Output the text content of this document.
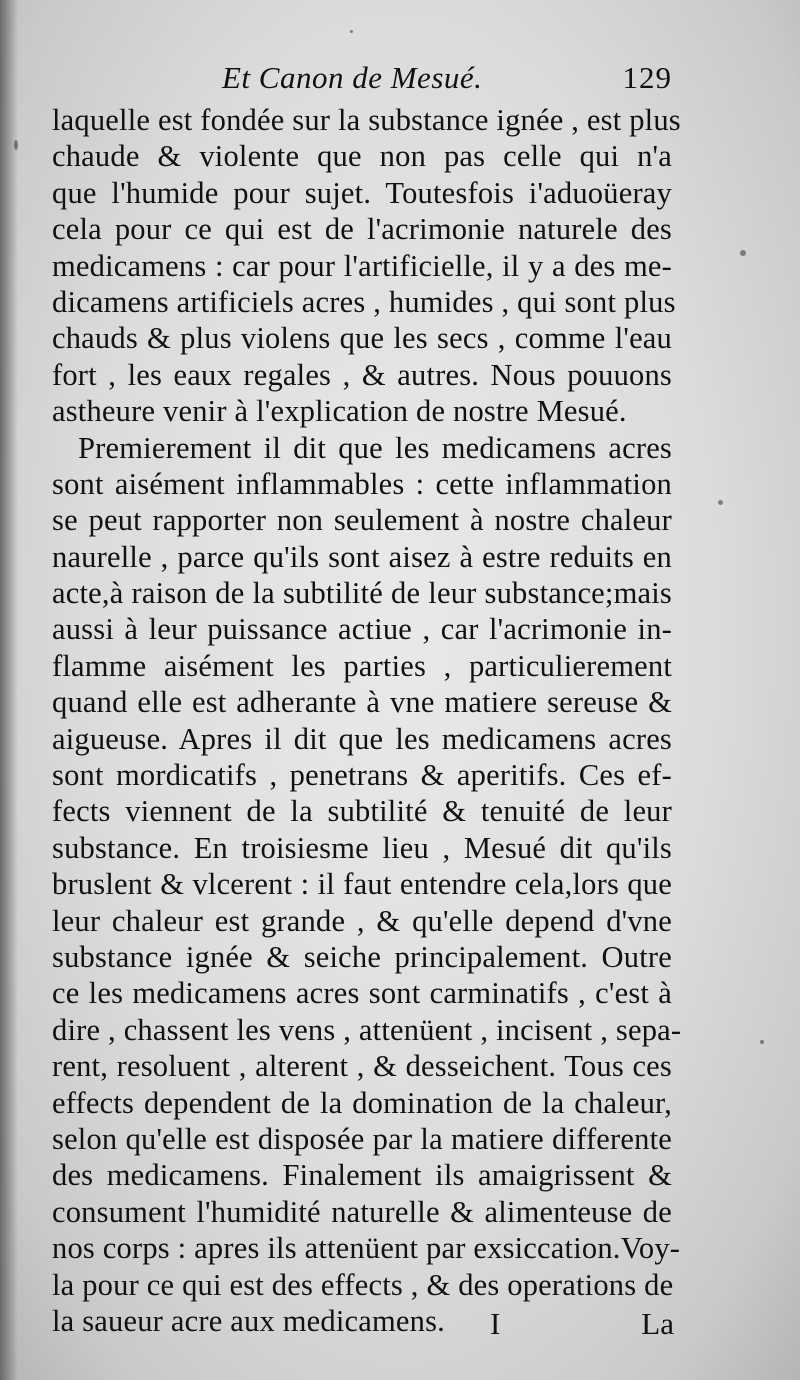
Et Canon de Mesué.	129
laquelle est fondée sur la substance ignée , est plus
chaude & violente que non pas celle qui n'a
que l'humide pour sujet. Toutesfois i'aduoüeray
cela pour ce qui est de l'acrimonie naturele des
medicamens : car pour l'artificielle, il y a des me-
dicamens artificiels acres , humides , qui sont plus
chauds & plus violens que les secs , comme l'eau
fort , les eaux regales , & autres. Nous pouuons
astheure venir à l'explication de nostre Mesué.
Premierement il dit que les medicamens acres
sont aisément inflammables : cette inflammation
se peut rapporter non seulement à nostre chaleur
naurelle , parce qu'ils sont aisez à estre reduits en
acte,à raison de la subtilité de leur substance;mais
aussi à leur puissance actiue , car l'acrimonie in-
flamme aisément les parties , particulierement
quand elle est adherante à vne matiere sereuse &
aigueuse. Apres il dit que les medicamens acres
sont mordicatifs , penetrans & aperitifs. Ces ef-
fects viennent de la subtilité & tenuité de leur
substance. En troisiesme lieu , Mesué dit qu'ils
bruslent & vlcerent : il faut entendre cela,lors que
leur chaleur est grande , & qu'elle depend d'vne
substance ignée & seiche principalement. Outre
ce les medicamens acres sont carminatifs , c'est à
dire , chassent les vens , attenüent , incisent , sepa-
rent, resoluent , alterent , & desseichent. Tous ces
effects dependent de la domination de la chaleur,
selon qu'elle est disposée par la matiere differente
des medicamens. Finalement ils amaigrissent &
consument l'humidité naturelle & alimenteuse de
nos corps : apres ils attenüent par exsiccation.Voy-
la pour ce qui est des effects , & des operations de
la saueur acre aux medicamens.	I	La
